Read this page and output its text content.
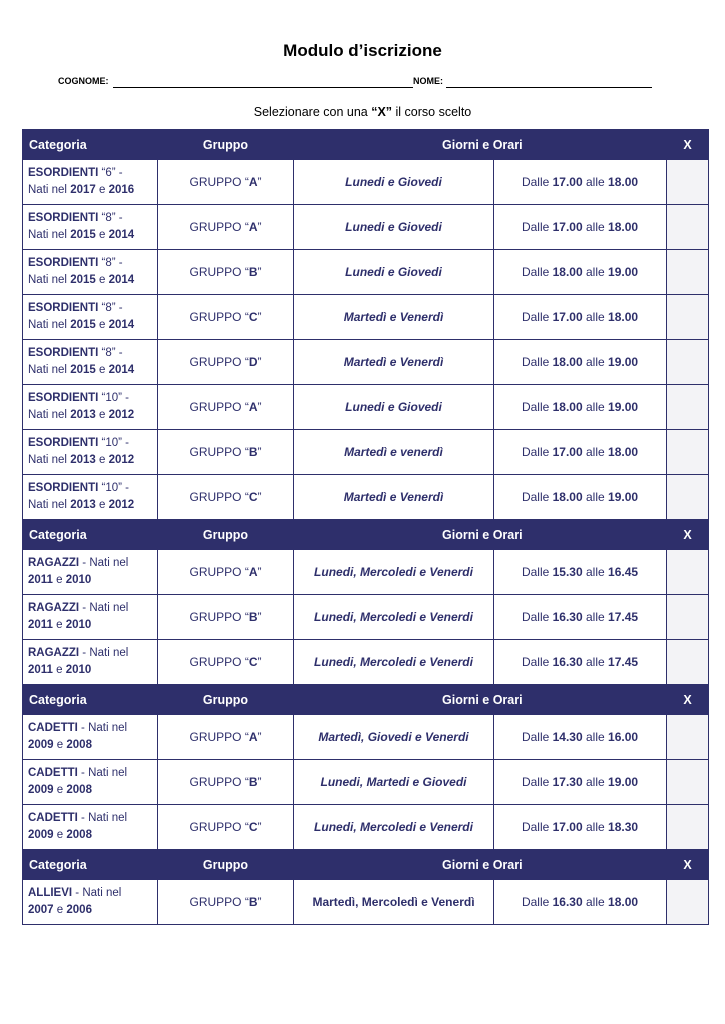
Modulo d’iscrizione
COGNOME:	NOME:
Selezionare con una “X” il corso scelto
Categoria	Gruppo		Giorni e Orari	X
ESORDIENTI “6” -
Nati nel 2017 e 2016	GRUPPO “A”	Lunedi e Giovedi	Dalle 17.00 alle 18.00	
ESORDIENTI “8” -
Nati nel 2015 e 2014	GRUPPO “A”	Lunedi e Giovedi	Dalle 17.00 alle 18.00	
ESORDIENTI “8” -
Nati nel 2015 e 2014	GRUPPO “B”	Lunedi e Giovedi	Dalle 18.00 alle 19.00	
ESORDIENTI “8” -
Nati nel 2015 e 2014	GRUPPO “C”	Martedì e Venerdì	Dalle 17.00 alle 18.00	
ESORDIENTI “8” -
Nati nel 2015 e 2014	GRUPPO “D”	Martedì e Venerdì	Dalle 18.00 alle 19.00	
ESORDIENTI “10” -
Nati nel 2013 e 2012	GRUPPO “A”	Lunedi e Giovedi	Dalle 18.00 alle 19.00	
ESORDIENTI “10” -
Nati nel 2013 e 2012	GRUPPO “B”	Martedì e venerdì	Dalle 17.00 alle 18.00	
ESORDIENTI “10” -
Nati nel 2013 e 2012	GRUPPO “C”	Martedì e Venerdì	Dalle 18.00 alle 19.00	
Categoria	Gruppo		Giorni e Orari	X
RAGAZZI - Nati nel
2011 e 2010	GRUPPO “A”	Lunedi, Mercoledi e Venerdi	Dalle 15.30 alle 16.45	
RAGAZZI - Nati nel
2011 e 2010	GRUPPO “B”	Lunedi, Mercoledi e Venerdi	Dalle 16.30 alle 17.45	
RAGAZZI - Nati nel
2011 e 2010	GRUPPO “C”	Lunedi, Mercoledi e Venerdi	Dalle 16.30 alle 17.45	
Categoria	Gruppo		Giorni e Orari	X
CADETTI - Nati nel
2009 e 2008	GRUPPO “A”	Martedì, Giovedi e Venerdi	Dalle 14.30 alle 16.00	
CADETTI - Nati nel
2009 e 2008	GRUPPO “B”	Lunedi, Martedi e Giovedi	Dalle 17.30 alle 19.00	
CADETTI - Nati nel
2009 e 2008	GRUPPO “C”	Lunedi, Mercoledi e Venerdi	Dalle 17.00 alle 18.30	
Categoria	Gruppo		Giorni e Orari	X
ALLIEVI - Nati nel
2007 e 2006	GRUPPO “B”	Martedì, Mercoledì e Venerdì	Dalle 16.30 alle 18.00	
